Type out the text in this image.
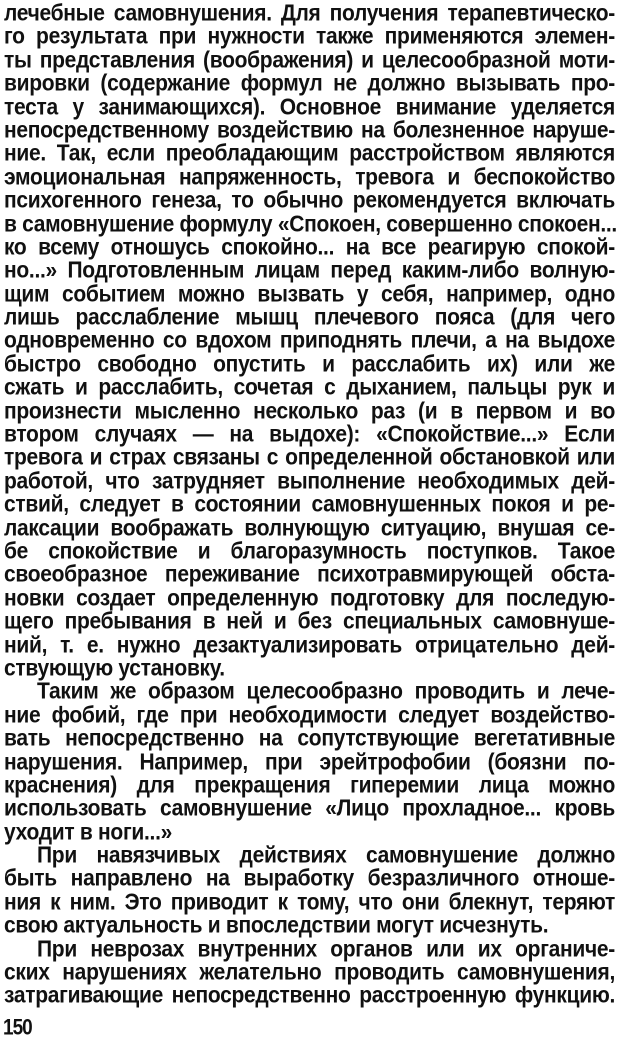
лечебные самовнушения. Для получения терапевтическо-
го результата при нужности также применяются элемен-
ты представления (воображения) и целесообразной моти-
вировки (содержание формул не должно вызывать про-
теста у занимающихся). Основное внимание уделяется
непосредственному воздействию на болезненное наруше-
ние. Так, если преобладающим расстройством являются
эмоциональная напряженность, тревога и беспокойство
психогенного генеза, то обычно рекомендуется включать
в самовнушение формулу «Спокоен, совершенно спокоен...
ко всему отношусь спокойно... на все реагирую спокой-
но...» Подготовленным лицам перед каким-либо волную-
щим событием можно вызвать у себя, например, одно
лишь расслабление мышц плечевого пояса (для чего
одновременно со вдохом приподнять плечи, а на выдохе
быстро свободно опустить и расслабить их) или же
сжать и расслабить, сочетая с дыханием, пальцы рук и
произнести мысленно несколько раз (и в первом и во
втором случаях — на выдохе): «Спокойствие...» Если
тревога и страх связаны с определенной обстановкой или
работой, что затрудняет выполнение необходимых дей-
ствий, следует в состоянии самовнушенных покоя и ре-
лаксации воображать волнующую ситуацию, внушая се-
бе спокойствие и благоразумность поступков. Такое
своеобразное переживание психотравмирующей обста-
новки создает определенную подготовку для последую-
щего пребывания в ней и без специальных самовнуше-
ний, т. е. нужно дезактуализировать отрицательно дей-
ствующую установку.
Таким же образом целесообразно проводить и лече-
ние фобий, где при необходимости следует воздейство-
вать непосредственно на сопутствующие вегетативные
нарушения. Например, при эрейтрофобии (боязни по-
краснения) для прекращения гиперемии лица можно
использовать самовнушение «Лицо прохладное... кровь
уходит в ноги...»
При навязчивых действиях самовнушение должно
быть направлено на выработку безразличного отноше-
ния к ним. Это приводит к тому, что они блекнут, теряют
свою актуальность и впоследствии могут исчезнуть.
При неврозах внутренних органов или их органиче-
ских нарушениях желательно проводить самовнушения,
затрагивающие непосредственно расстроенную функцию.
150
